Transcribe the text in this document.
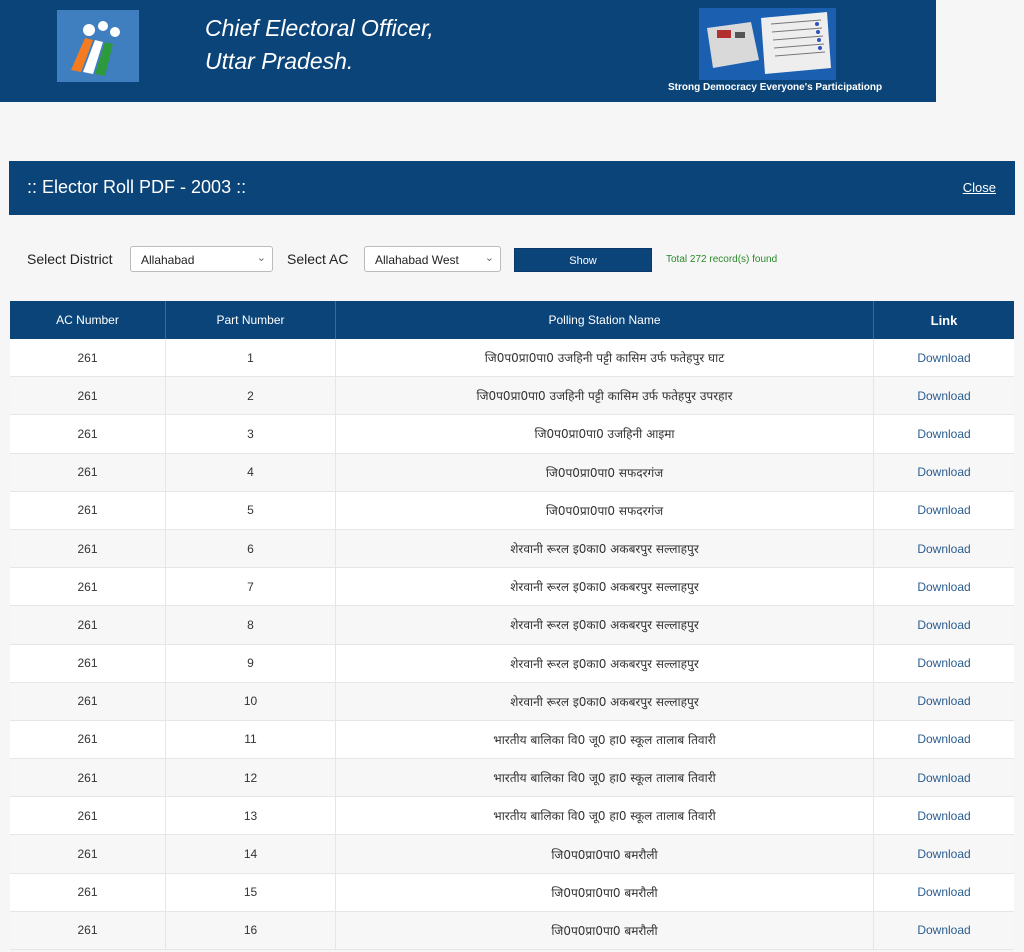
Chief Electoral Officer,
Uttar Pradesh.
Strong Democracy Everyone's Participationp
:: Elector Roll PDF - 2003 ::	Close
Select District	Allahabad	⌄ Select AC	Allahabad West ⌄	Show	Total 272 record(s) found
AC Number	Part Number	Polling Station Name	Link
261	1	जि0प0प्रा0पा0 उजहिनी पट्टी कासिम उर्फ फतेहपुर घाट	Download
261	2	जि0प0प्रा0पा0 उजहिनी पट्टी कासिम उर्फ फतेहपुर उपरहार	Download
261	3	जि0प0प्रा0पा0 उजहिनी आइमा	Download
261	4	जि0प0प्रा0पा0 सफदरगंज	Download
261	5	जि0प0प्रा0पा0 सफदरगंज	Download
261	6	शेरवानी रूरल इ0का0 अकबरपुर सल्लाहपुर	Download
261	7	शेरवानी रूरल इ0का0 अकबरपुर सल्लाहपुर	Download
261	8	शेरवानी रूरल इ0का0 अकबरपुर सल्लाहपुर	Download
261	9	शेरवानी रूरल इ0का0 अकबरपुर सल्लाहपुर	Download
261	10	शेरवानी रूरल इ0का0 अकबरपुर सल्लाहपुर	Download
261	11	भारतीय बालिका वि0 जू0 हा0 स्कूल तालाब तिवारी	Download
261	12	भारतीय बालिका वि0 जू0 हा0 स्कूल तालाब तिवारी	Download
261	13	भारतीय बालिका वि0 जू0 हा0 स्कूल तालाब तिवारी	Download
261	14	जि0प0प्रा0पा0 बमरौली	Download
261	15	जि0प0प्रा0पा0 बमरौली	Download
261	16	जि0प0प्रा0पा0 बमरौली	Download
